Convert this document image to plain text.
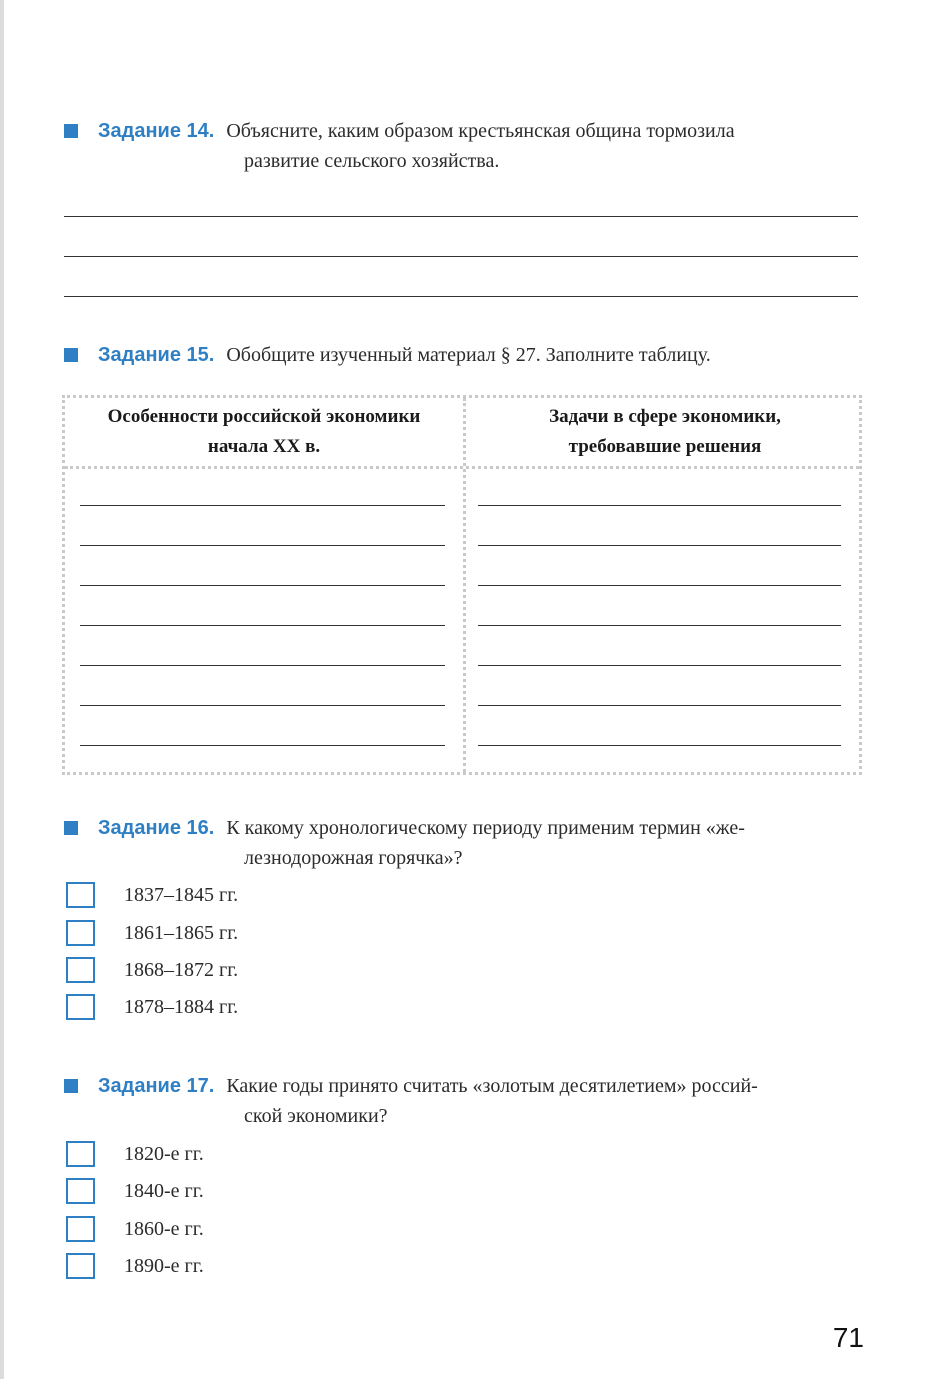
Задание 14. Объясните, каким образом крестьянская община тормозила
развитие сельского хозяйства.
Задание 15. Обобщите изученный материал § 27. Заполните таблицу.
Особенности российской экономики
начала XX в.
Задачи в сфере экономики,
требовавшие решения
Задание 16. К какому хронологическому периоду применим термин «же-
лезнодорожная горячка»?
1837–1845 гг.
1861–1865 гг.
1868–1872 гг.
1878–1884 гг.
Задание 17. Какие годы принято считать «золотым десятилетием» россий-
ской экономики?
1820-е гг.
1840-е гг.
1860-е гг.
1890-е гг.
71
